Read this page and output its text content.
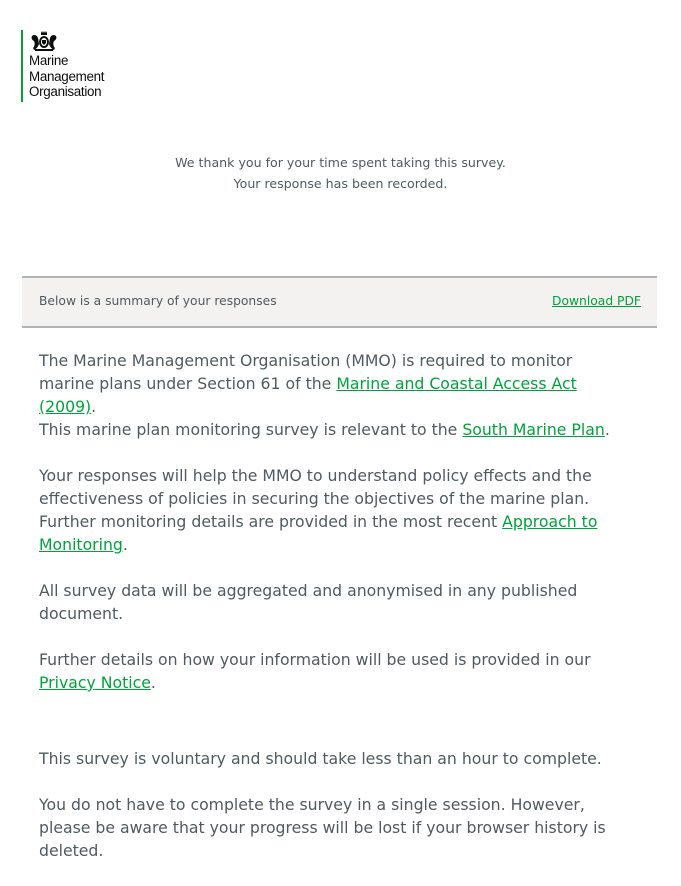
Marine
Management
Organisation
We thank you for your time spent taking this survey.
Your response has been recorded.
Below is a summary of your responses	Download PDF

The Marine Management Organisation (MMO) is required to monitor marine plans under Section 61 of the Marine and Coastal Access Act (2009).

This marine plan monitoring survey is relevant to the South Marine Plan.

Your responses will help the MMO to understand policy effects and the effectiveness of policies in securing the objectives of the marine plan. Further monitoring details are provided in the most recent Approach to Monitoring.

All survey data will be aggregated and anonymised in any published document.

Further details on how your information will be used is provided in our Privacy Notice.

This survey is voluntary and should take less than an hour to complete.

You do not have to complete the survey in a single session. However, please be aware that your progress will be lost if your browser history is deleted.
